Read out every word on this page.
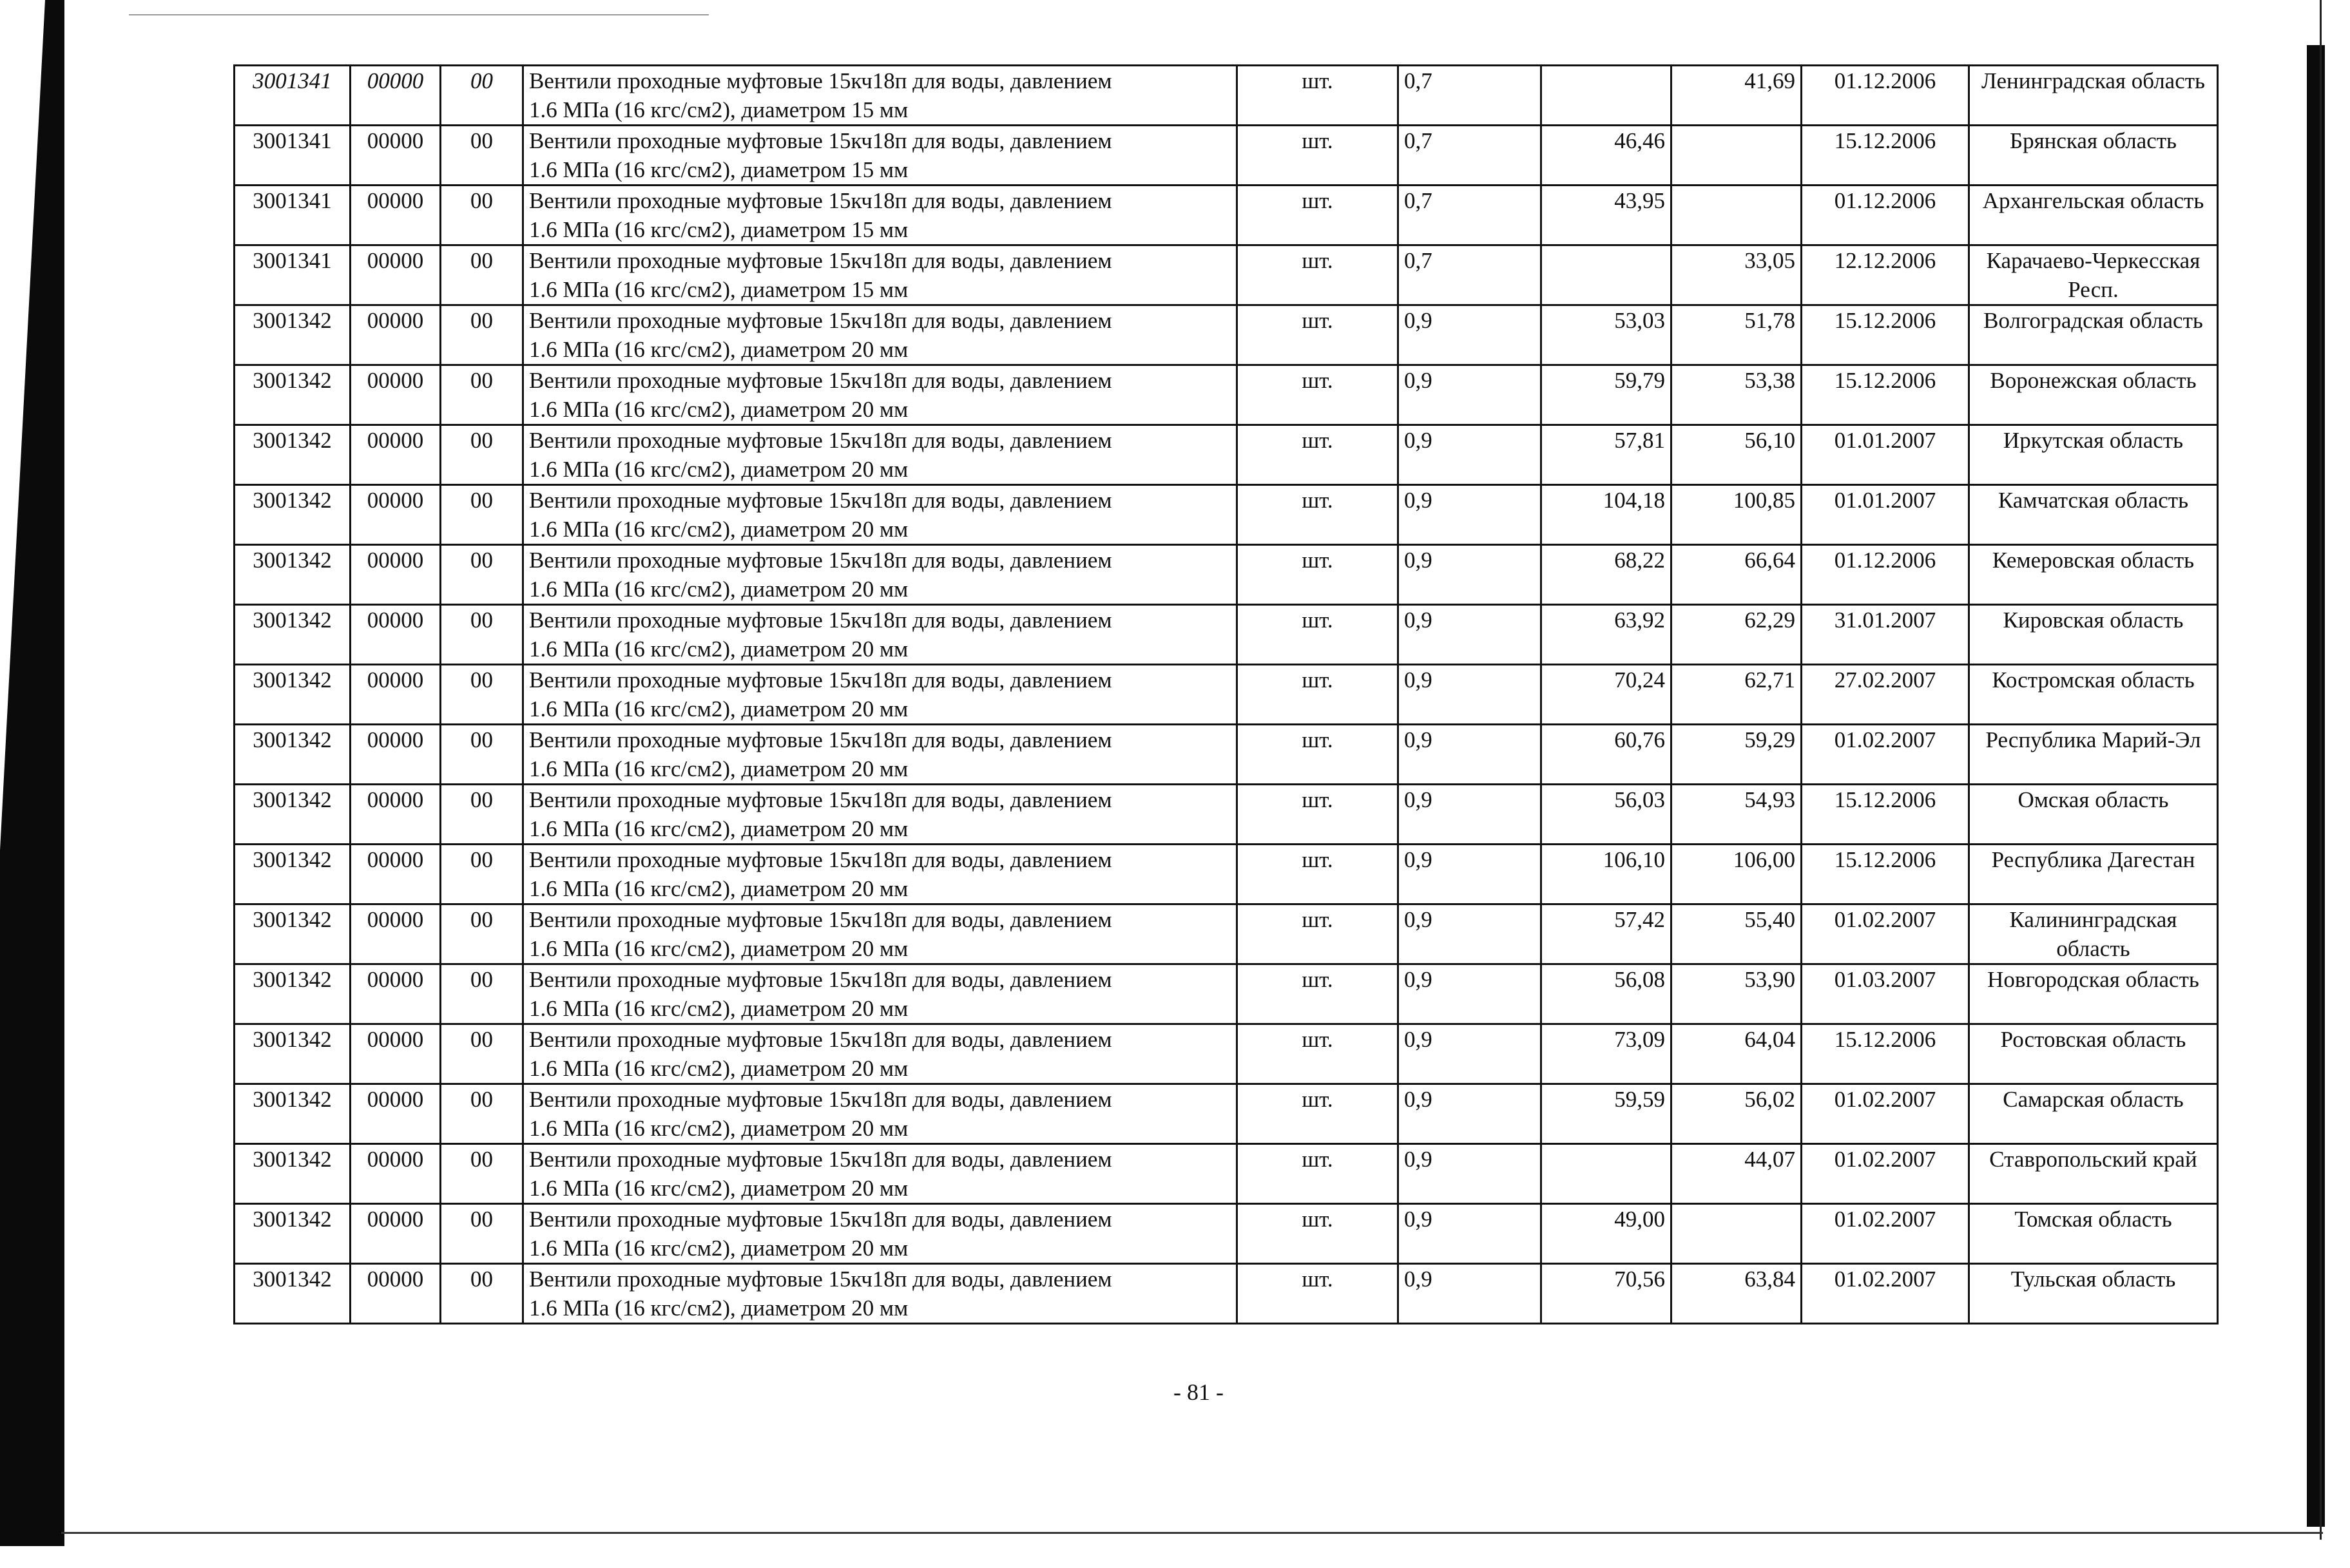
3001341	00000	00	Вентили проходные муфтовые 15кч18п для воды, давлением
1.6 МПа (16 кгс/см2), диаметром 15 мм	шт.	0,7		41,69	01.12.2006	Ленинградская область
3001341	00000	00	Вентили проходные муфтовые 15кч18п для воды, давлением
1.6 МПа (16 кгс/см2), диаметром 15 мм	шт.	0,7	46,46		15.12.2006	Брянская область
3001341	00000	00	Вентили проходные муфтовые 15кч18п для воды, давлением
1.6 МПа (16 кгс/см2), диаметром 15 мм	шт.	0,7	43,95		01.12.2006	Архангельская область
3001341	00000	00	Вентили проходные муфтовые 15кч18п для воды, давлением
1.6 МПа (16 кгс/см2), диаметром 15 мм	шт.	0,7		33,05	12.12.2006	Карачаево-Черкесская Респ.
3001342	00000	00	Вентили проходные муфтовые 15кч18п для воды, давлением
1.6 МПа (16 кгс/см2), диаметром 20 мм	шт.	0,9	53,03	51,78	15.12.2006	Волгоградская область
3001342	00000	00	Вентили проходные муфтовые 15кч18п для воды, давлением
1.6 МПа (16 кгс/см2), диаметром 20 мм	шт.	0,9	59,79	53,38	15.12.2006	Воронежская область
3001342	00000	00	Вентили проходные муфтовые 15кч18п для воды, давлением
1.6 МПа (16 кгс/см2), диаметром 20 мм	шт.	0,9	57,81	56,10	01.01.2007	Иркутская область
3001342	00000	00	Вентили проходные муфтовые 15кч18п для воды, давлением
1.6 МПа (16 кгс/см2), диаметром 20 мм	шт.	0,9	104,18	100,85	01.01.2007	Камчатская область
3001342	00000	00	Вентили проходные муфтовые 15кч18п для воды, давлением
1.6 МПа (16 кгс/см2), диаметром 20 мм	шт.	0,9	68,22	66,64	01.12.2006	Кемеровская область
3001342	00000	00	Вентили проходные муфтовые 15кч18п для воды, давлением
1.6 МПа (16 кгс/см2), диаметром 20 мм	шт.	0,9	63,92	62,29	31.01.2007	Кировская область
3001342	00000	00	Вентили проходные муфтовые 15кч18п для воды, давлением
1.6 МПа (16 кгс/см2), диаметром 20 мм	шт.	0,9	70,24	62,71	27.02.2007	Костромская область
3001342	00000	00	Вентили проходные муфтовые 15кч18п для воды, давлением
1.6 МПа (16 кгс/см2), диаметром 20 мм	шт.	0,9	60,76	59,29	01.02.2007	Республика Марий-Эл
3001342	00000	00	Вентили проходные муфтовые 15кч18п для воды, давлением
1.6 МПа (16 кгс/см2), диаметром 20 мм	шт.	0,9	56,03	54,93	15.12.2006	Омская область
3001342	00000	00	Вентили проходные муфтовые 15кч18п для воды, давлением
1.6 МПа (16 кгс/см2), диаметром 20 мм	шт.	0,9	106,10	106,00	15.12.2006	Республика Дагестан
3001342	00000	00	Вентили проходные муфтовые 15кч18п для воды, давлением
1.6 МПа (16 кгс/см2), диаметром 20 мм	шт.	0,9	57,42	55,40	01.02.2007	Калининградская область
3001342	00000	00	Вентили проходные муфтовые 15кч18п для воды, давлением
1.6 МПа (16 кгс/см2), диаметром 20 мм	шт.	0,9	56,08	53,90	01.03.2007	Новгородская область
3001342	00000	00	Вентили проходные муфтовые 15кч18п для воды, давлением
1.6 МПа (16 кгс/см2), диаметром 20 мм	шт.	0,9	73,09	64,04	15.12.2006	Ростовская область
3001342	00000	00	Вентили проходные муфтовые 15кч18п для воды, давлением
1.6 МПа (16 кгс/см2), диаметром 20 мм	шт.	0,9	59,59	56,02	01.02.2007	Самарская область
3001342	00000	00	Вентили проходные муфтовые 15кч18п для воды, давлением
1.6 МПа (16 кгс/см2), диаметром 20 мм	шт.	0,9		44,07	01.02.2007	Ставропольский край
3001342	00000	00	Вентили проходные муфтовые 15кч18п для воды, давлением
1.6 МПа (16 кгс/см2), диаметром 20 мм	шт.	0,9	49,00		01.02.2007	Томская область
3001342	00000	00	Вентили проходные муфтовые 15кч18п для воды, давлением
1.6 МПа (16 кгс/см2), диаметром 20 мм	шт.	0,9	70,56	63,84	01.02.2007	Тульская область
- 81 -
